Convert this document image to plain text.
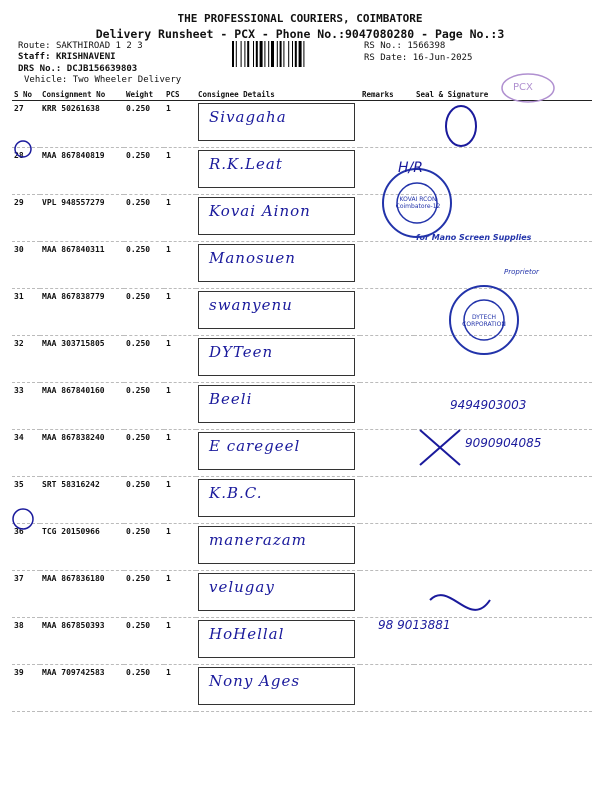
THE PROFESSIONAL COURIERS, COIMBATORE
Delivery Runsheet - PCX - Phone No.:9047080280 - Page No.:3
Route: SAKTHIROAD 1 2 3
Staff: KRISHNAVENI
DRS No.: DCJB156639803
Vehicle: Two Wheeler Delivery
RS No.: 1566398
RS Date: 16-Jun-2025
S No	Consignment No	Weight	PCS	Consignee Details	Remarks	Seal & Signature
27	KRR 50261638	0.250	1	Sivagaha		

28	MAA 867840819	0.250	1	R.K.Leat		

29	VPL 948557279	0.250	1	Kovai Ainon		

30	MAA 867840311	0.250	1	Manosuen		

31	MAA 867838779	0.250	1	swanyenu		

32	MAA 303715805	0.250	1	DYTeen		

33	MAA 867840160	0.250	1	Beeli		

34	MAA 867838240	0.250	1	E caregeel		

35	SRT 58316242	0.250	1	K.B.C.		

36	TCG 20150966	0.250	1	manerazam		

37	MAA 867836180	0.250	1	velugay		

38	MAA 867850393	0.250	1	HoHellal		

39	MAA 709742583	0.250	1	Nony Ages		

PCX
KOVAI RCON Coimbatore-12
for Mano Screen Supplies
Proprietor
DYTECH CORPORATION
H/R
9494903003
9090904085
98 9013881
